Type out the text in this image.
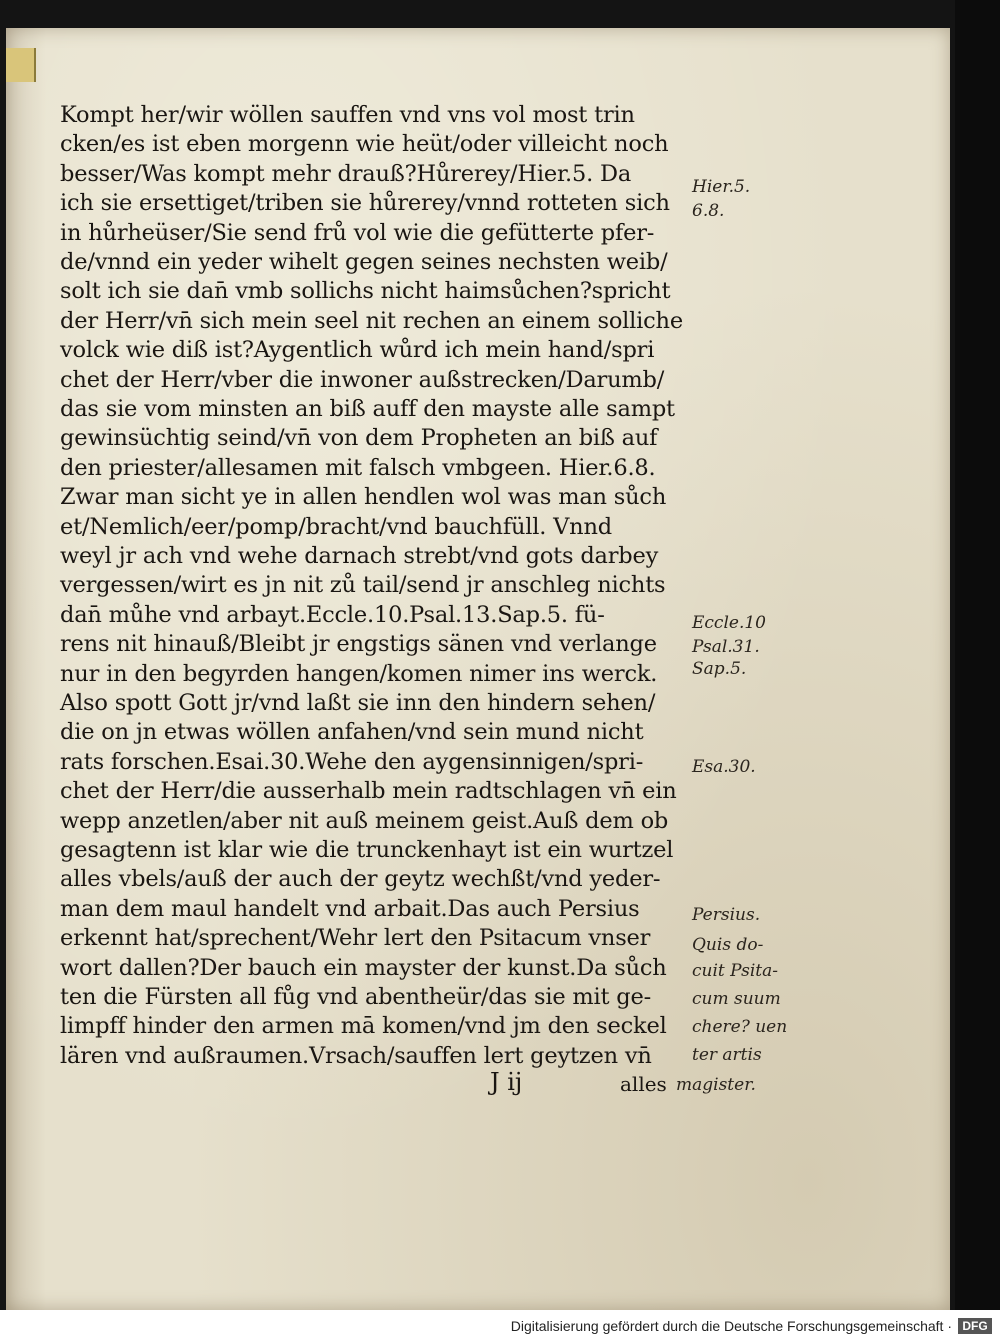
Kompt her/wir wöllen sauffen vnd vns vol most trin
cken/es ist eben morgenn wie heüt/oder villeicht noch
besser/Was kompt mehr drauß?Hůrerey/Hier.5. Da
ich sie ersettiget/triben sie hůrerey/vnnd rotteten sich
in hůrheüser/Sie send frů vol wie die gefütterte pfer-
de/vnnd ein yeder wihelt gegen seines nechsten weib/
solt ich sie dan̄ vmb sollichs nicht haimsůchen?spricht
der Herr/vn̄ sich mein seel nit rechen an einem solliche
volck wie diß ist?Aygentlich wůrd ich mein hand/spri
chet der Herr/vber die inwoner außstrecken/Darumb/
das sie vom minsten an biß auff den mayste alle sampt
gewinsüchtig seind/vn̄ von dem Propheten an biß auf
den priester/allesamen mit falsch vmbgeen. Hier.6.8.
Zwar man sicht ye in allen hendlen wol was man sůch
et/Nemlich/eer/pomp/bracht/vnd bauchfüll. Vnnd
weyl jr ach vnd wehe darnach strebt/vnd gots darbey
vergessen/wirt es jn nit zů tail/send jr anschleg nichts
dan̄ můhe vnd arbayt.Eccle.10.Psal.13.Sap.5. fü-
rens nit hinauß/Bleibt jr engstigs sänen vnd verlange
nur in den begyrden hangen/komen nimer ins werck.
Also spott Gott jr/vnd laßt sie inn den hindern sehen/
die on jn etwas wöllen anfahen/vnd sein mund nicht
rats forschen.Esai.30.Wehe den aygensinnigen/spri-
chet der Herr/die ausserhalb mein radtschlagen vn̄ ein
wepp anzetlen/aber nit auß meinem geist.Auß dem ob
gesagtenn ist klar wie die trunckenhayt ist ein wurtzel
alles vbels/auß der auch der geytz wechßt/vnd yeder-
man dem maul handelt vnd arbait.Das auch Persius
erkennt hat/sprechent/Wehr lert den Psitacum vnser
wort dallen?Der bauch ein mayster der kunst.Da sůch
ten die Fürsten all fůg vnd abentheür/das sie mit ge-
limpff hinder den armen mā komen/vnd jm den seckel
lären vnd außraumen.Vrsach/sauffen lert geytzen vn̄
Hier.5.
6.8.
Eccle.10
Psal.31.
Sap.5.
Esa.30.
Persius.
Quis do-
cuit Psita-
cum suum
chere? uen
ter artis
magister.
J ij	alles
Digitalisierung gefördert durch die Deutsche Forschungsgemeinschaft · DFG
